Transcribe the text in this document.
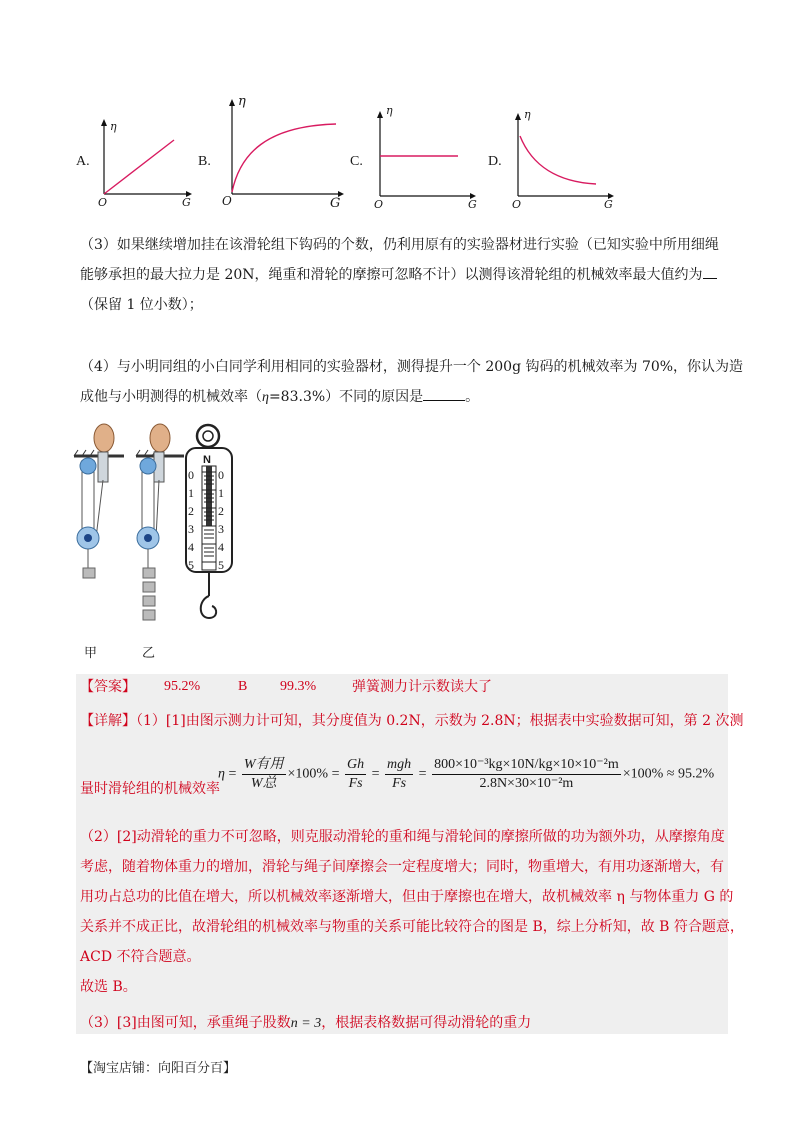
A.
η
G
O
B.
η
G
O
C.
η
G
O
D.
η
G
O
（3）如果继续增加挂在该滑轮组下钩码的个数，仍利用原有的实验器材进行实验（已知实验中所用细绳
能够承担的最大拉力是 20N，绳重和滑轮的摩擦可忽略不计）以测得该滑轮组的机械效率最大值约为
（保留 1 位小数）；
（4）与小明同组的小白同学利用相同的实验器材，测得提升一个 200g 钩码的机械效率为 70%，你认为造
成他与小明测得的机械效率（η=83.3%）不同的原因是	。
N
0
1
2
3
4
5
0
1
2
3
4
5
甲	乙
【答案】 95.2%	B 99.3%	弹簧测力计示数读大了
【详解】（1）[1]由图示测力计可知，其分度值为 0.2N，示数为 2.8N；根据表中实验数据可知，第 2 次测
量时滑轮组的机械效率
$\eta = \frac{\text{W有用}}{\text{W总}} \times 100\% = \frac{Gh}{Fs} = \frac{\text{mgh}}{Fs} = \frac{\text{800×10⁻³kg×10N/kg×10×10⁻²m}}{\text{2.8N×30×10⁻²m}} \times 100\% \approx 95.2\%$
（2）[2]动滑轮的重力不可忽略，则克服动滑轮的重和绳与滑轮间的摩擦所做的功为额外功，从摩擦角度
考虑，随着物体重力的增加，滑轮与绳子间摩擦会一定程度增大；同时，物重增大，有用功逐渐增大，有
用功占总功的比值在增大，所以机械效率逐渐增大，但由于摩擦也在增大，故机械效率 η 与物体重力 G 的
关系并不成正比，故滑轮组的机械效率与物重的关系可能比较符合的图是 B，综上分析知，故 B 符合题意，
ACD 不符合题意。
故选 B。
（3）[3]由图可知，承重绳子股数n = 3，根据表格数据可得动滑轮的重力
【淘宝店铺：向阳百分百】
